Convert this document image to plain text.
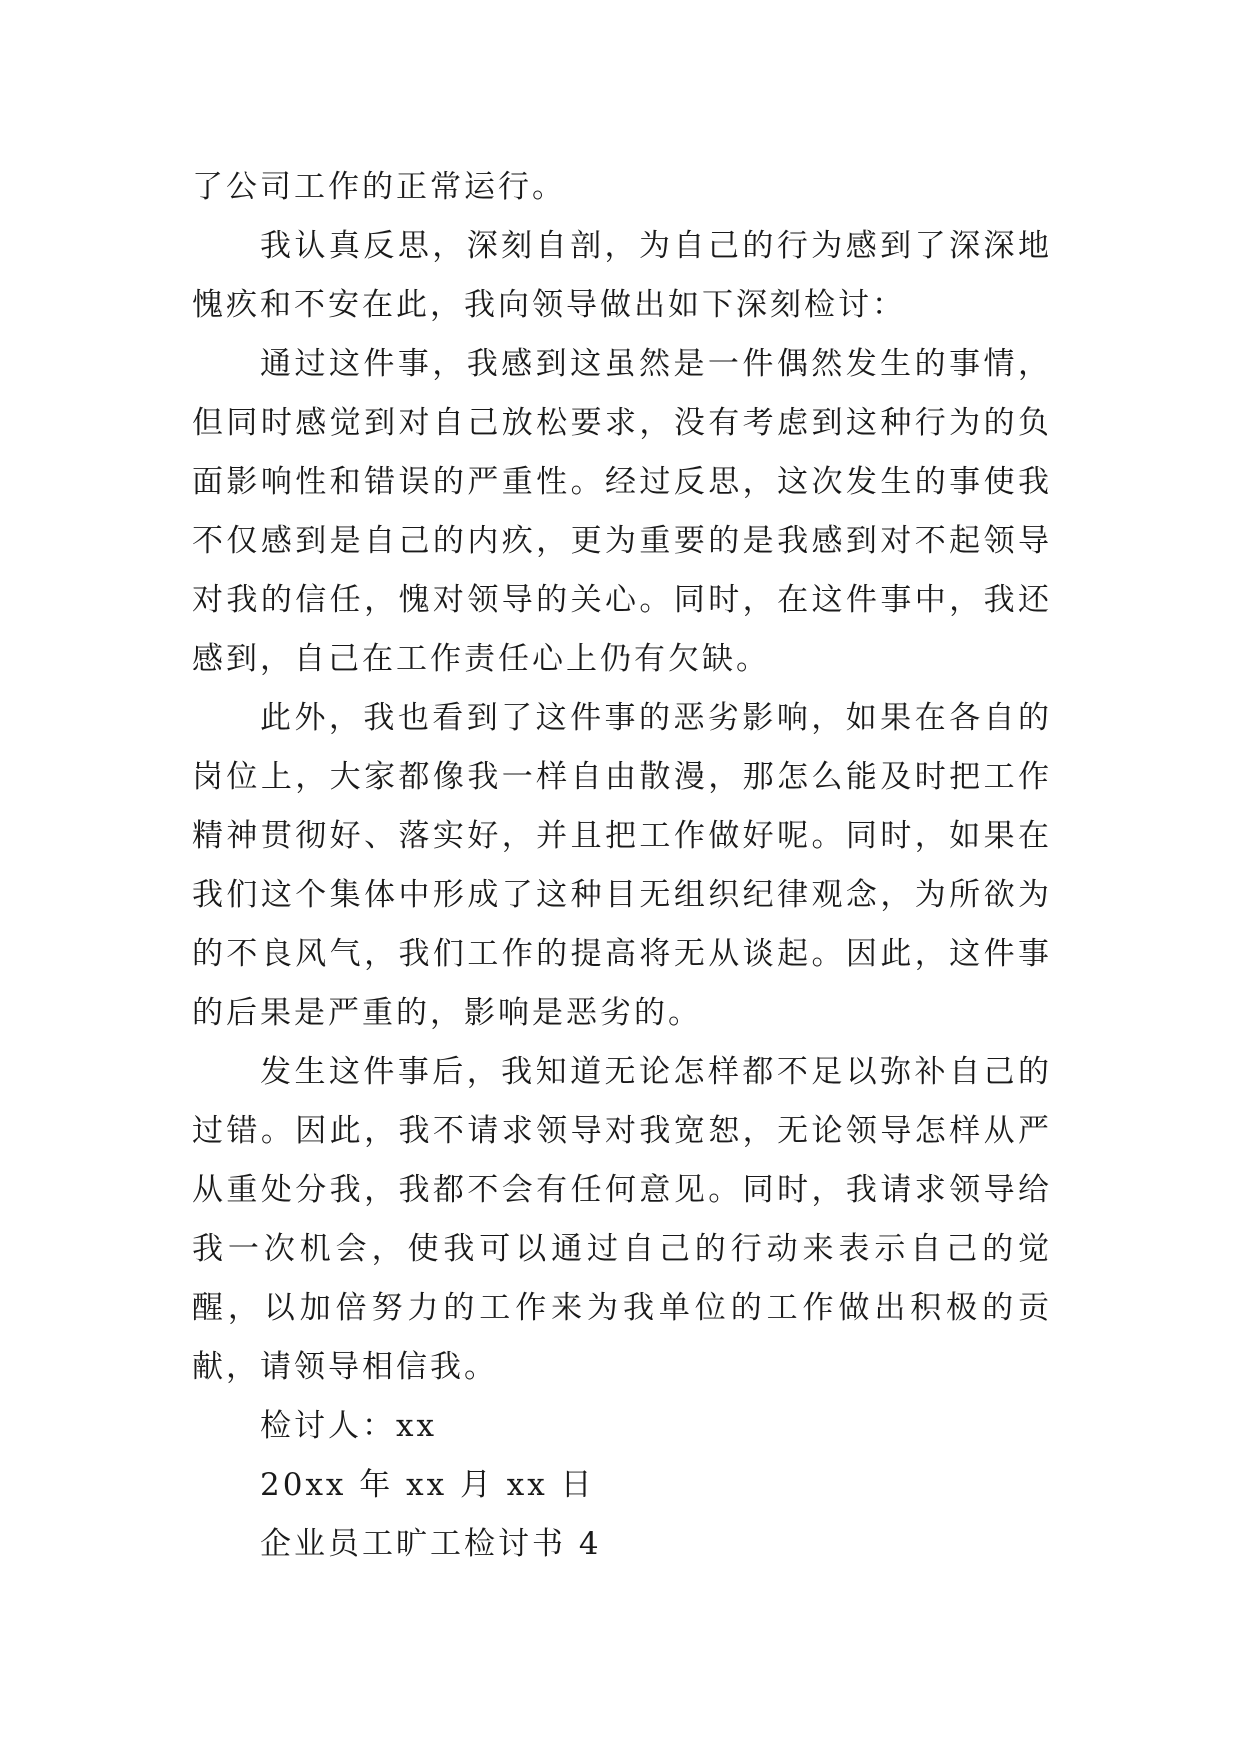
了公司工作的正常运行。

我认真反思，深刻自剖，为自己的行为感到了深深地愧疚和不安在此，我向领导做出如下深刻检讨：

通过这件事，我感到这虽然是一件偶然发生的事情，但同时感觉到对自己放松要求，没有考虑到这种行为的负面影响性和错误的严重性。经过反思，这次发生的事使我不仅感到是自己的内疚，更为重要的是我感到对不起领导对我的信任，愧对领导的关心。同时，在这件事中，我还感到，自己在工作责任心上仍有欠缺。

此外，我也看到了这件事的恶劣影响，如果在各自的岗位上，大家都像我一样自由散漫，那怎么能及时把工作精神贯彻好、落实好，并且把工作做好呢。同时，如果在我们这个集体中形成了这种目无组织纪律观念，为所欲为的不良风气，我们工作的提高将无从谈起。因此，这件事的后果是严重的，影响是恶劣的。

发生这件事后，我知道无论怎样都不足以弥补自己的过错。因此，我不请求领导对我宽恕，无论领导怎样从严从重处分我，我都不会有任何意见。同时，我请求领导给我一次机会，使我可以通过自己的行动来表示自己的觉醒，以加倍努力的工作来为我单位的工作做出积极的贡献，请领导相信我。

检讨人：xx

20xx 年 xx 月 xx 日

企业员工旷工检讨书 4
